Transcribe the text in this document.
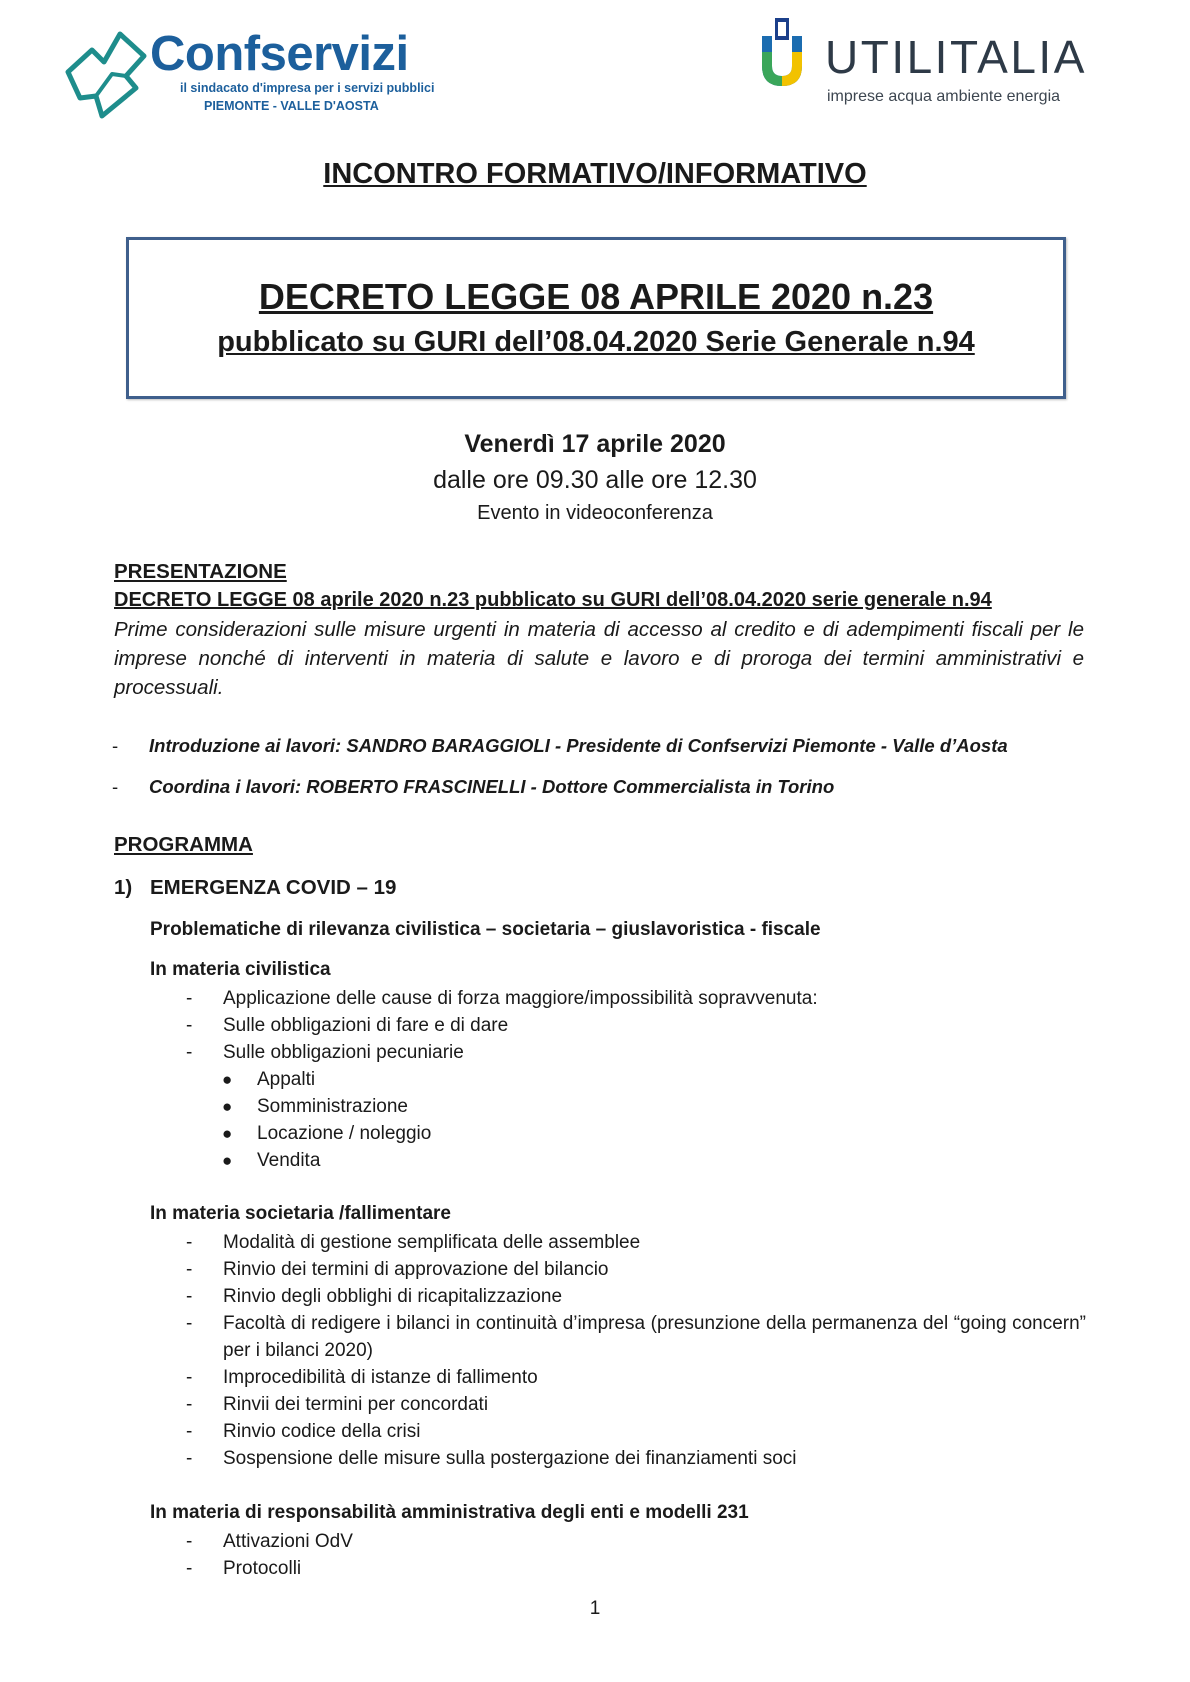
Confservizi
il sindacato d'impresa per i servizi pubblici
PIEMONTE - VALLE D'AOSTA
UTILITALIA
imprese acqua ambiente energia
INCONTRO FORMATIVO/INFORMATIVO
DECRETO LEGGE 08 APRILE 2020 n.23
pubblicato su GURI dell’08.04.2020 Serie Generale n.94
Venerdì 17 aprile 2020
dalle ore 09.30 alle ore 12.30
Evento in videoconferenza
PRESENTAZIONE
DECRETO LEGGE 08 aprile 2020 n.23 pubblicato su GURI dell’08.04.2020 serie generale n.94
Prime considerazioni sulle misure urgenti in materia di accesso al credito e di adempimenti fiscali per le imprese nonché di interventi in materia di salute e lavoro e di proroga dei termini amministrativi e processuali.
- Introduzione ai lavori: SANDRO BARAGGIOLI - Presidente di Confservizi Piemonte - Valle d’Aosta
- Coordina i lavori: ROBERTO FRASCINELLI - Dottore Commercialista in Torino
PROGRAMMA
1) EMERGENZA COVID – 19
Problematiche di rilevanza civilistica – societaria – giuslavoristica - fiscale
In materia civilistica
- Applicazione delle cause di forza maggiore/impossibilità sopravvenuta:
- Sulle obbligazioni di fare e di dare
- Sulle obbligazioni pecuniarie
● Appalti
● Somministrazione
● Locazione / noleggio
● Vendita
In materia societaria /fallimentare
- Modalità di gestione semplificata delle assemblee
- Rinvio dei termini di approvazione del bilancio
- Rinvio degli obblighi di ricapitalizzazione
- Facoltà di redigere i bilanci in continuità d’impresa (presunzione della permanenza del “going concern” per i bilanci 2020)
- Improcedibilità di istanze di fallimento
- Rinvii dei termini per concordati
- Rinvio codice della crisi
- Sospensione delle misure sulla postergazione dei finanziamenti soci
In materia di responsabilità amministrativa degli enti e modelli 231
- Attivazioni OdV
- Protocolli
1
